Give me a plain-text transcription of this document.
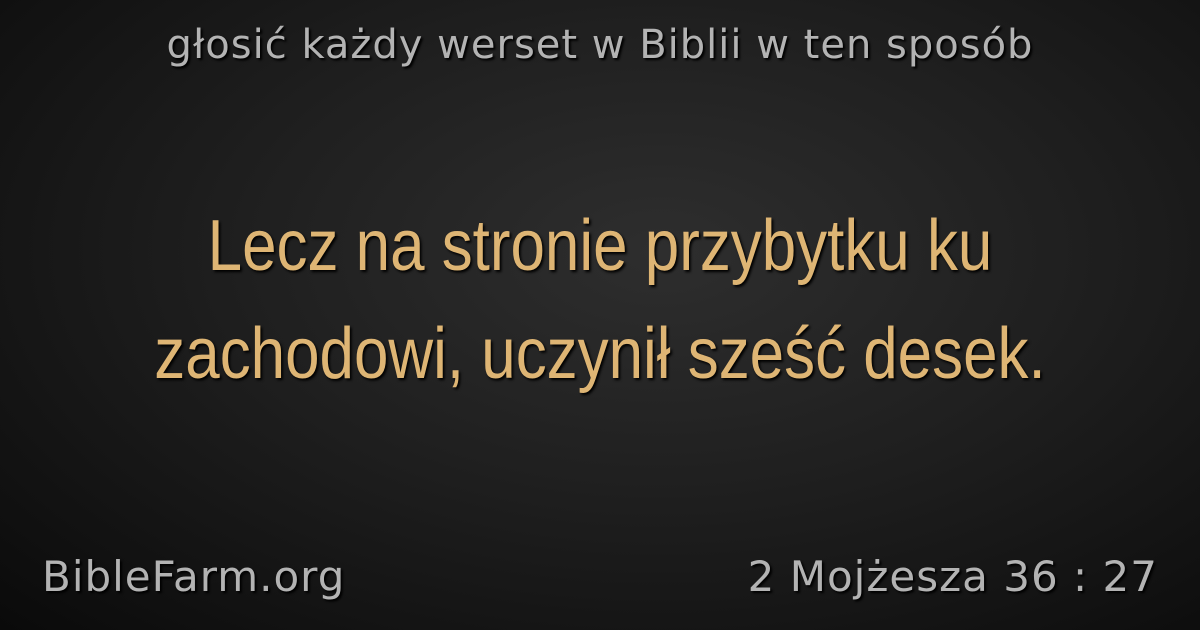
głosić każdy werset w Biblii w ten sposób
Lecz na stronie przybytku ku zachodowi, uczynił sześć desek.
BibleFarm.org	2 Mojżesza 36 : 27
